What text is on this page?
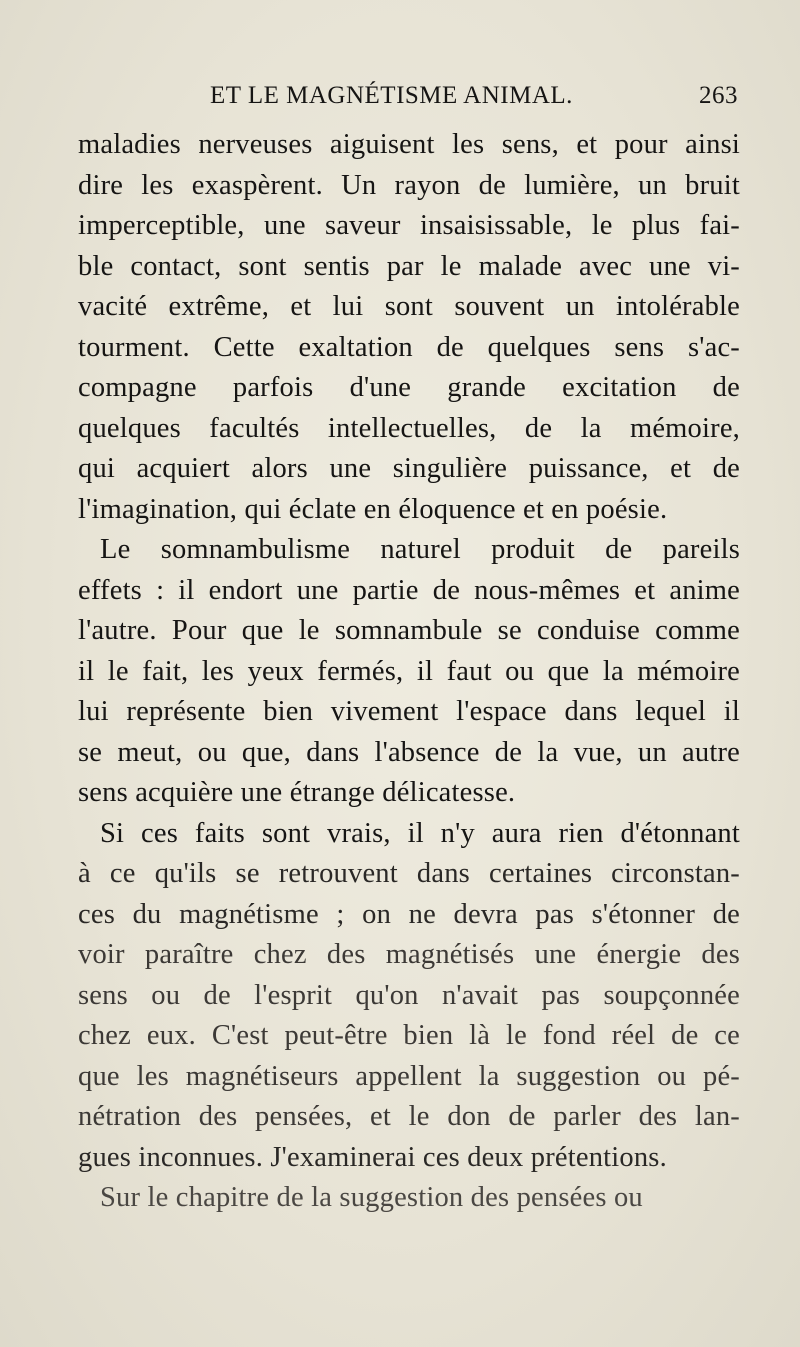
ET LE MAGNÉTISME ANIMAL.	263
maladies nerveuses aiguisent les sens, et pour ainsi
dire les exaspèrent. Un rayon de lumière, un bruit
imperceptible, une saveur insaisissable, le plus fai-
ble contact, sont sentis par le malade avec une vi-
vacité extrême, et lui sont souvent un intolérable
tourment. Cette exaltation de quelques sens s'ac-
compagne parfois d'une grande excitation de
quelques facultés intellectuelles, de la mémoire,
qui acquiert alors une singulière puissance, et de
l'imagination, qui éclate en éloquence et en poésie.
Le somnambulisme naturel produit de pareils
effets : il endort une partie de nous-mêmes et anime
l'autre. Pour que le somnambule se conduise comme
il le fait, les yeux fermés, il faut ou que la mémoire
lui représente bien vivement l'espace dans lequel il
se meut, ou que, dans l'absence de la vue, un autre
sens acquière une étrange délicatesse.
Si ces faits sont vrais, il n'y aura rien d'étonnant
à ce qu'ils se retrouvent dans certaines circonstan-
ces du magnétisme ; on ne devra pas s'étonner de
voir paraître chez des magnétisés une énergie des
sens ou de l'esprit qu'on n'avait pas soupçonnée
chez eux. C'est peut-être bien là le fond réel de ce
que les magnétiseurs appellent la suggestion ou pé-
nétration des pensées, et le don de parler des lan-
gues inconnues. J'examinerai ces deux prétentions.
Sur le chapitre de la suggestion des pensées ou
